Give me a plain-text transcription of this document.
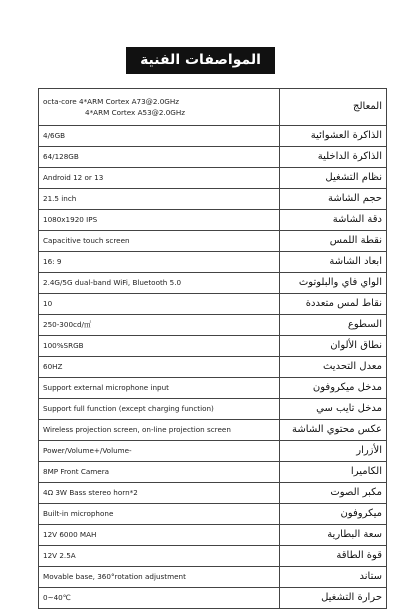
المواصفات الفنية
octa-core 4*ARM Cortex A73@2.0GHz
4*ARM Cortex A53@2.0GHz	المعالج
4/6GB	الذاكرة العشوائية
64/128GB	الذاكرة الداخلية
Android 12 or 13	نظام التشغيل
21.5 inch	حجم الشاشة
1080x1920 IPS	دقة الشاشة
Capacitive touch screen	نقطة اللمس
16: 9	ابعاد الشاشة
2.4G/5G dual-band WiFi, Bluetooth 5.0	الواي فاي والبلوتوث
10	نقاط لمس متعددة
250-300cd/㎡	السطوع
100%SRGB	نطاق الألوان
60HZ	معدل التحديث
Support external microphone input	مدخل ميكروفون
Support full function (except charging function)	مدخل تايب سي
Wireless projection screen, on-line projection screen	عكس محتوي الشاشة
Power/Volume+/Volume-	الأزرار
8MP Front Camera	الكاميرا
4Ω 3W Bass stereo horn*2	مكبر الصوت
Built-in microphone	ميكروفون
12V 6000 MAH	سعة البطارية
12V 2.5A	قوة الطاقة
Movable base, 360°rotation adjustment	ستاند
0~40℃	حرارة التشغيل
